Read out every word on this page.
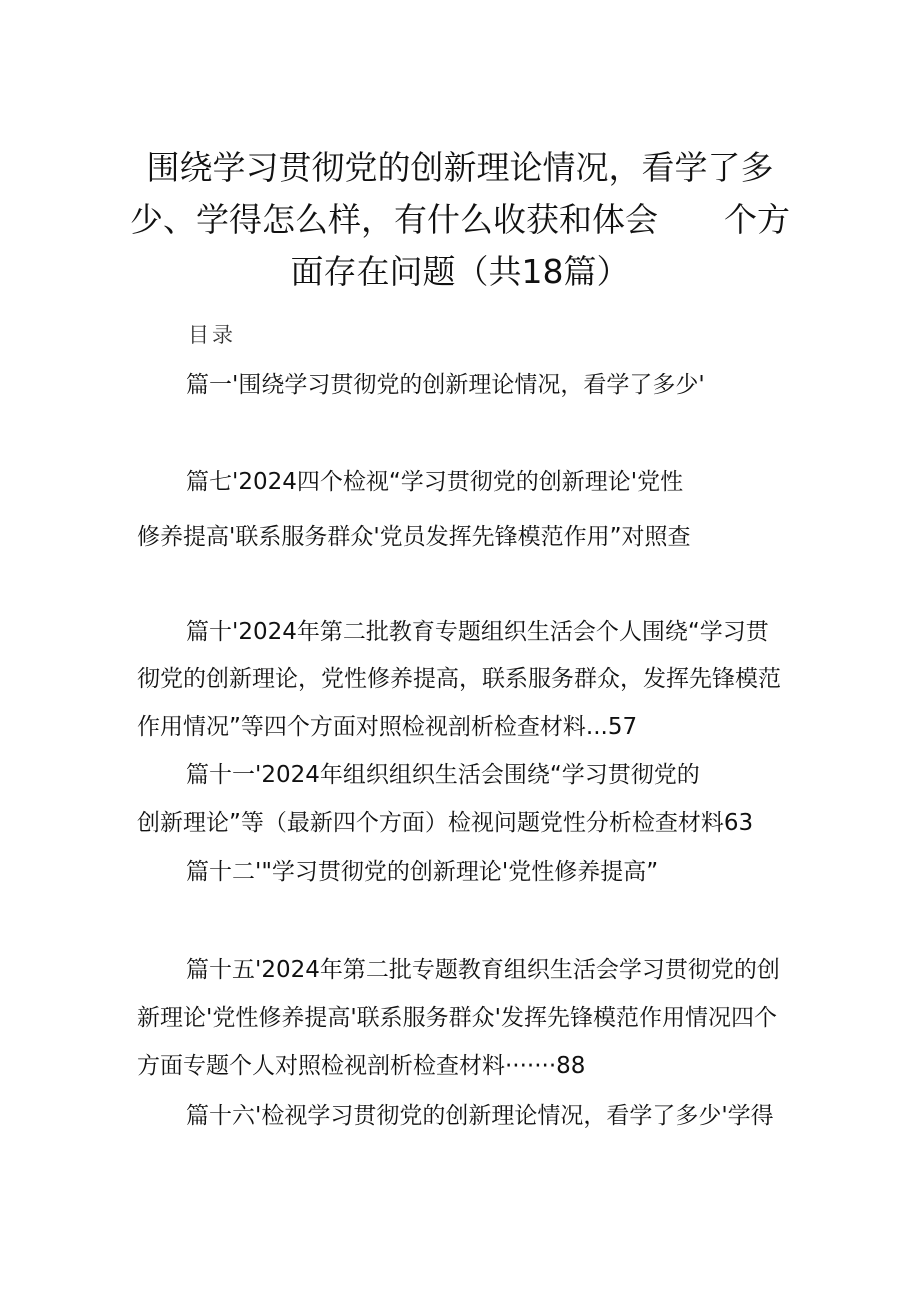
围绕学习贯彻党的创新理论情况，看学了多
少、学得怎么样，有什么收获和体会　　个方
面存在问题（共18篇）
目录
篇一'围绕学习贯彻党的创新理论情况，看学了多少'
篇七'2024四个检视“学习贯彻党的创新理论'党性
修养提高'联系服务群众'党员发挥先锋模范作用”对照查
篇十'2024年第二批教育专题组织生活会个人围绕“学习贯
彻党的创新理论，党性修养提高，联系服务群众，发挥先锋模范
作用情况”等四个方面对照检视剖析检查材料...57
篇十一'2024年组织组织生活会围绕“学习贯彻党的
创新理论”等（最新四个方面）检视问题党性分析检查材料63
篇十二'"学习贯彻党的创新理论'党性修养提高”
篇十五'2024年第二批专题教育组织生活会学习贯彻党的创
新理论'党性修养提高'联系服务群众'发挥先锋模范作用情况四个
方面专题个人对照检视剖析检查材料·······88
篇十六'检视学习贯彻党的创新理论情况，看学了多少'学得
